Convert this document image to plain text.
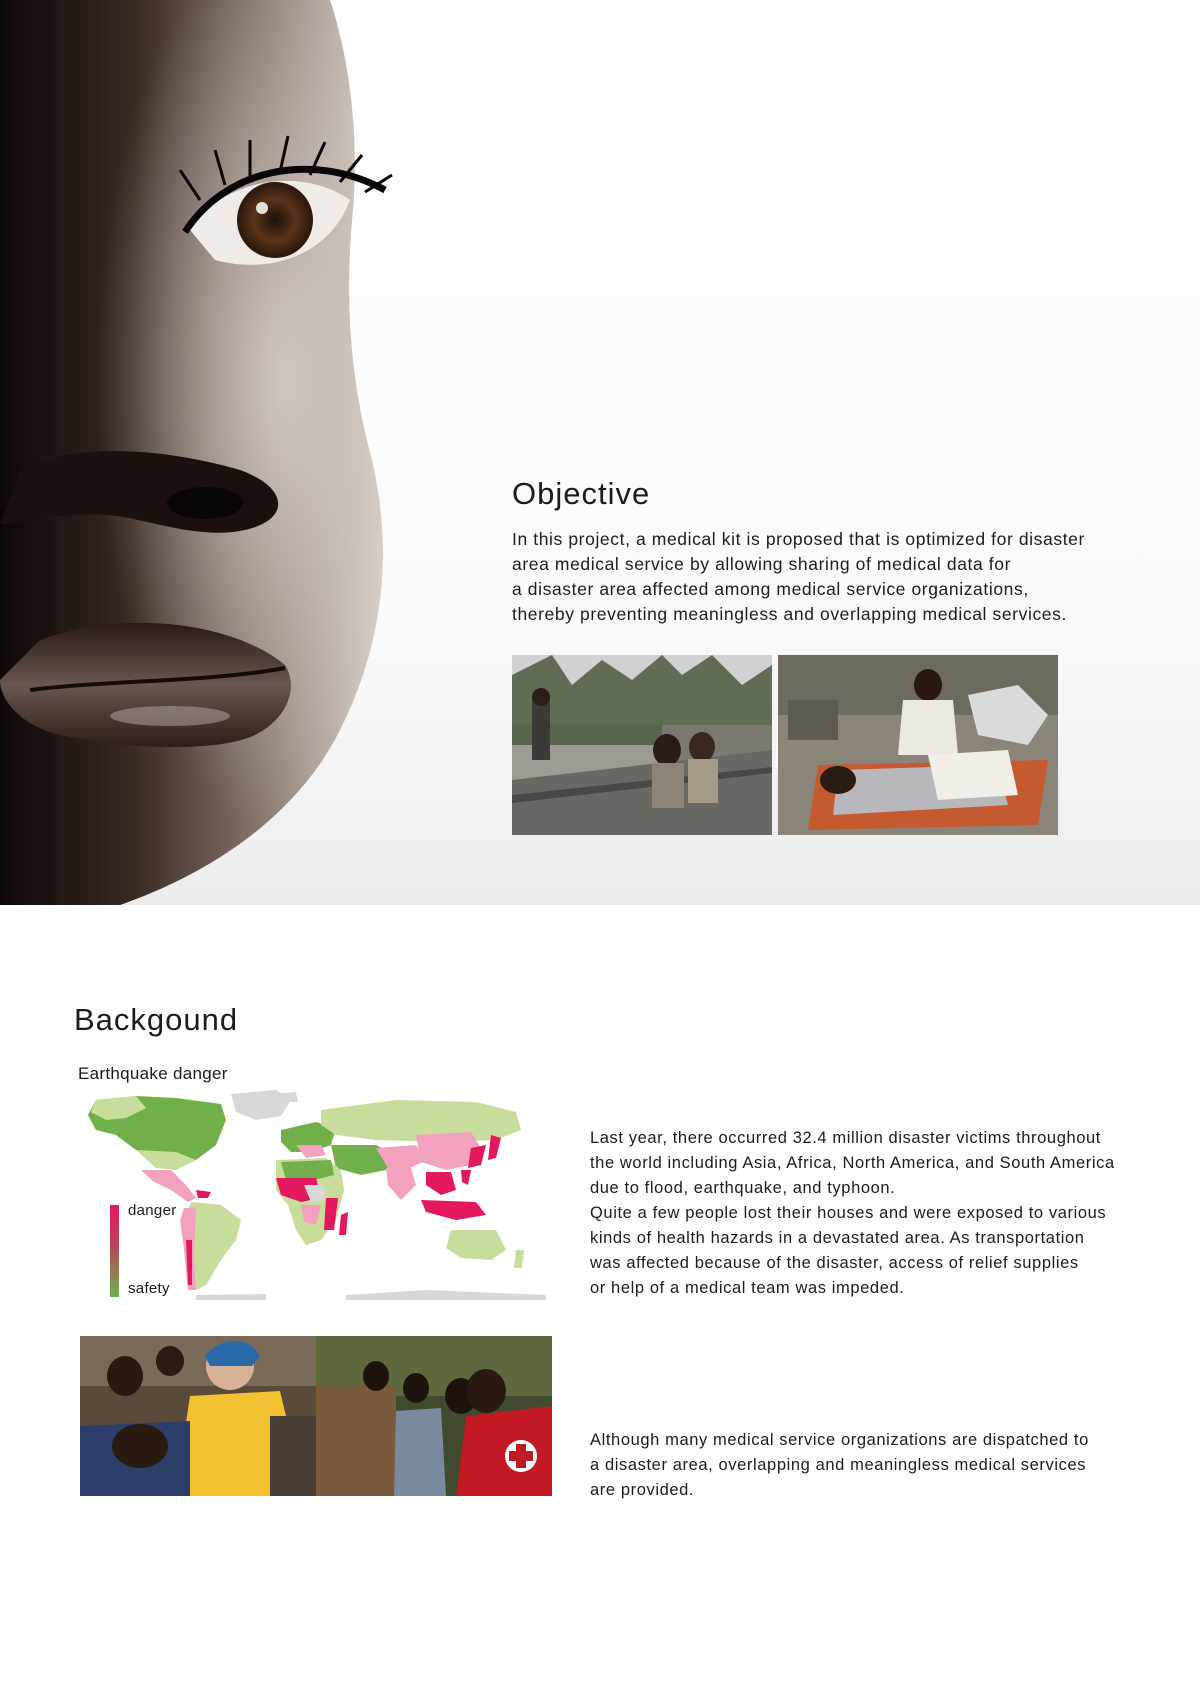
Objective

In this project, a medical kit is proposed that is optimized for disaster
area medical service by allowing sharing of medical data for
a disaster area affected among medical service organizations,
thereby preventing meaningless and overlapping medical services.

Backgound

Earthquake danger

danger

safety

Last year, there occurred 32.4 million disaster victims throughout
the world including Asia, Africa, North America, and South America
due to flood, earthquake, and typhoon.
Quite a few people lost their houses and were exposed to various
kinds of health hazards in a devastated area. As transportation
was affected because of the disaster, access of relief supplies
or help of a medical team was impeded.

Although many medical service organizations are dispatched to
a disaster area, overlapping and meaningless medical services
are provided.
